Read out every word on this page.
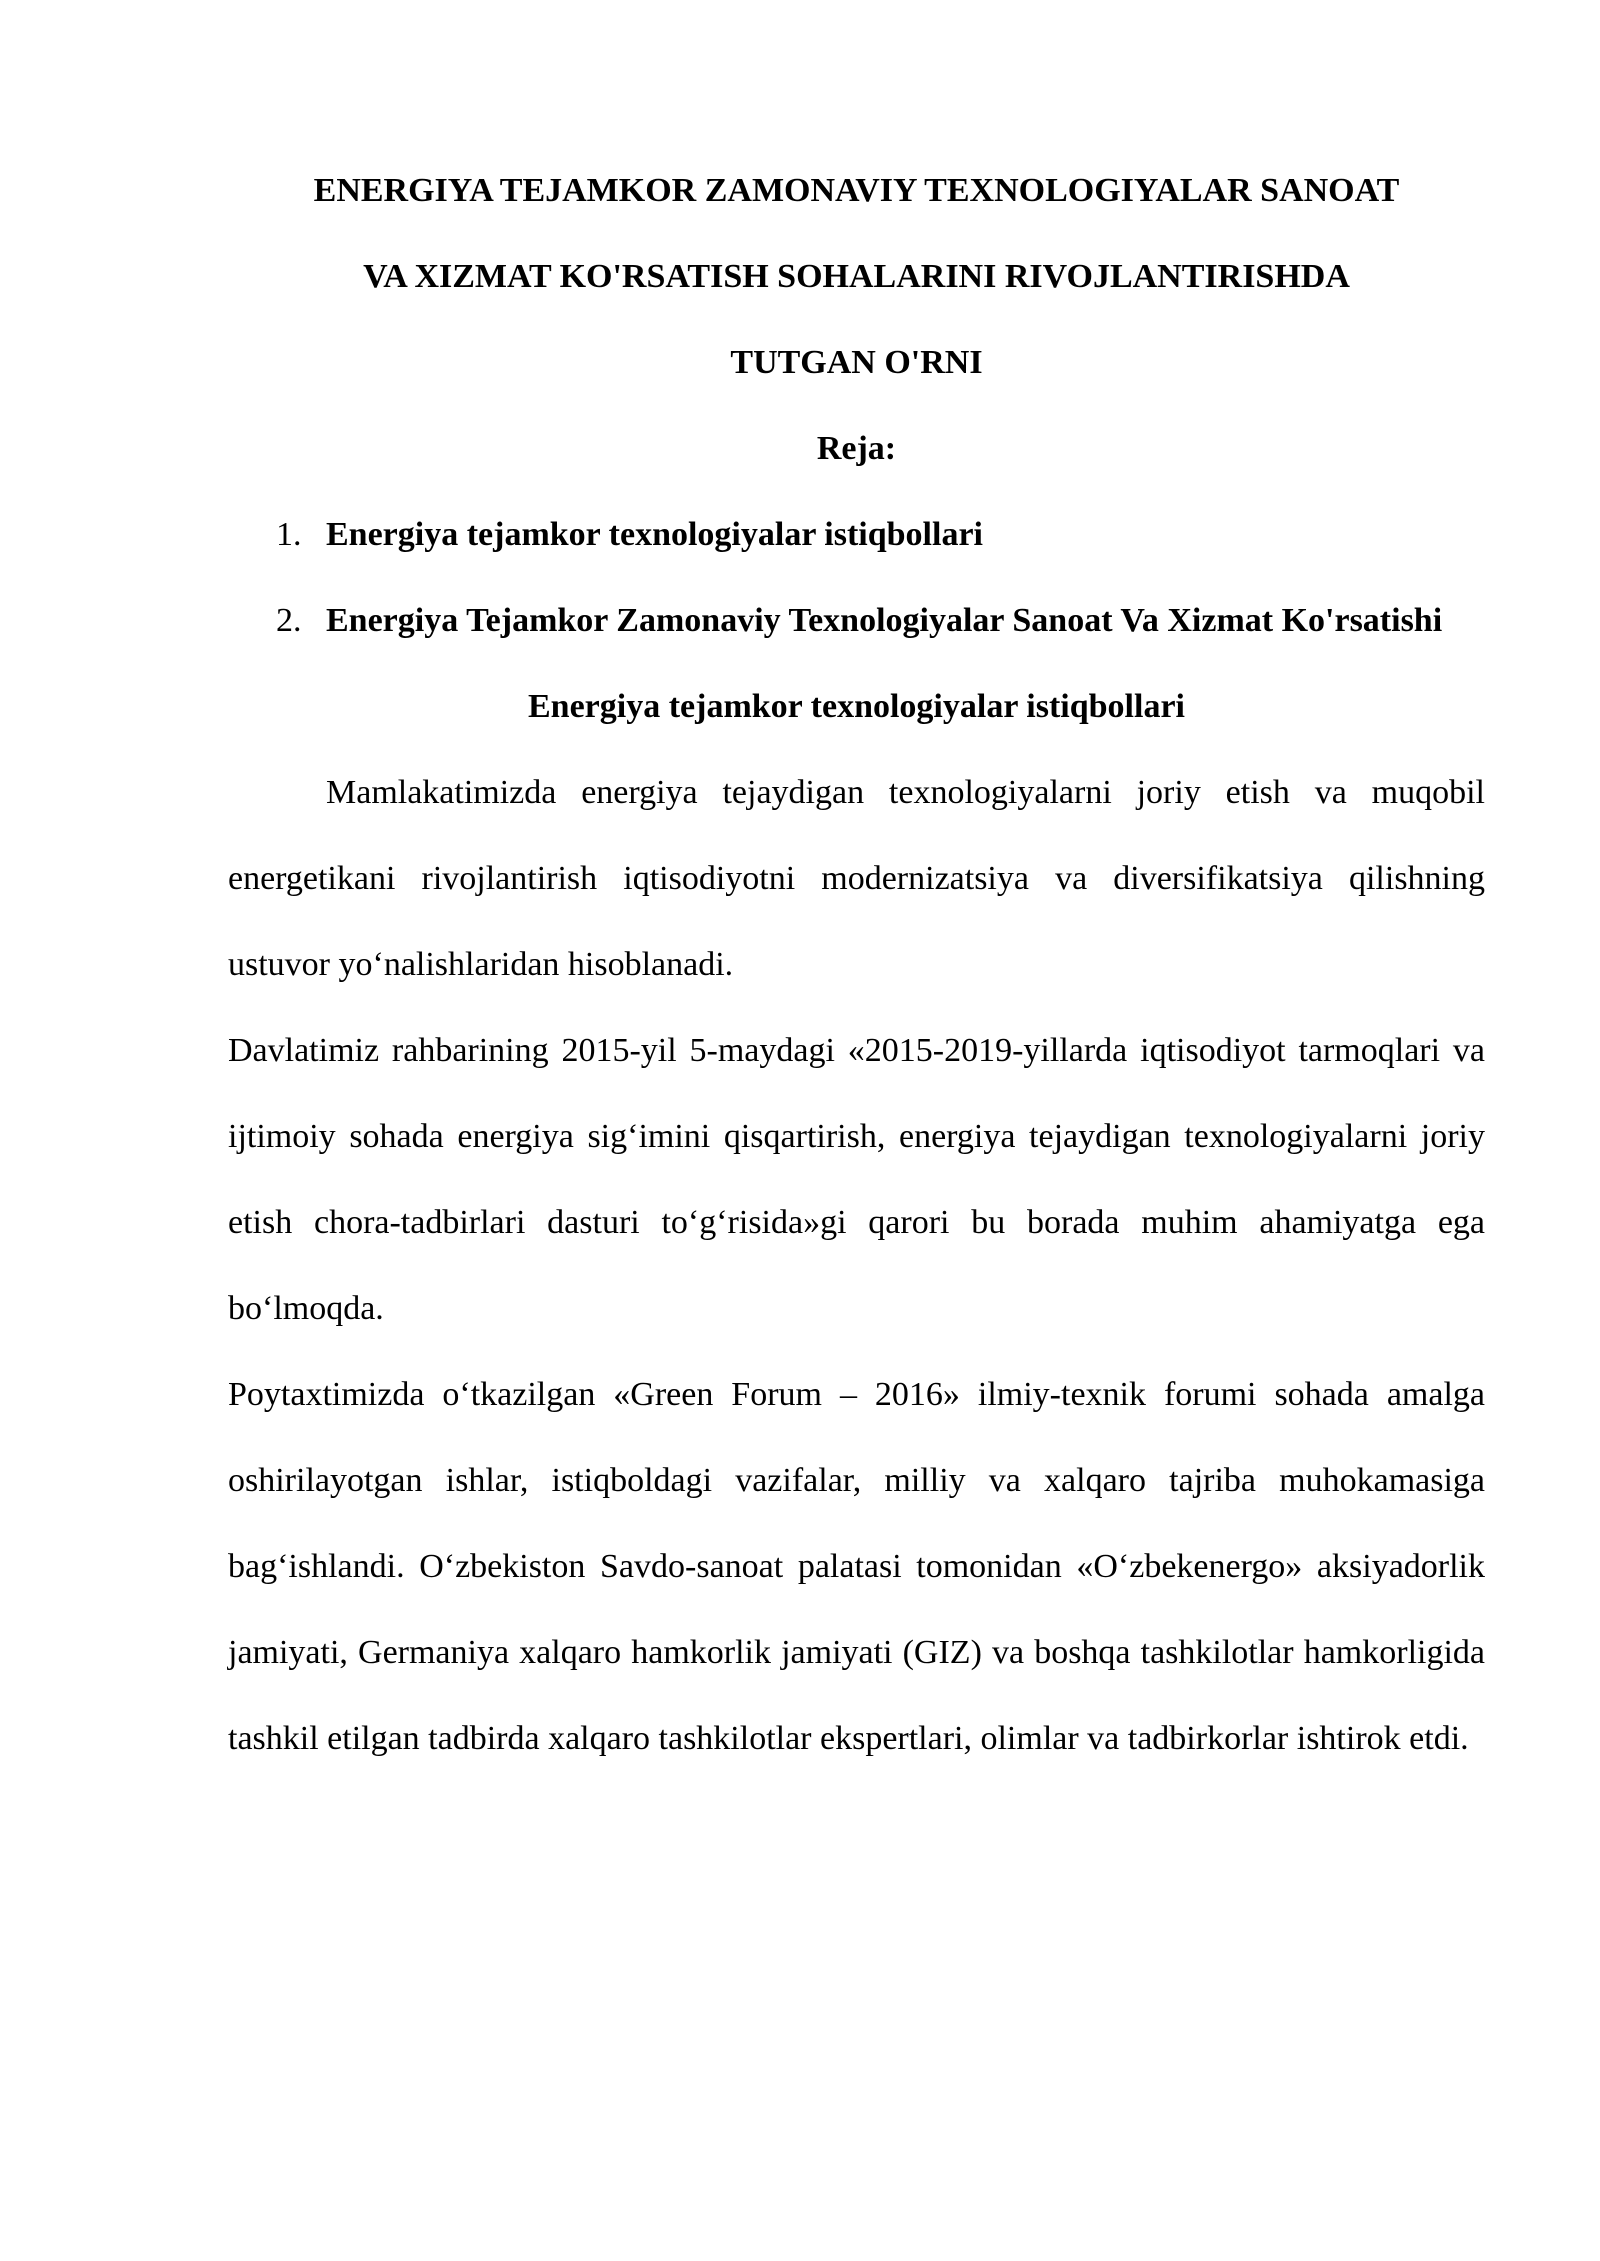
ENERGIYA TEJAMKOR ZAMONAVIY TEXNOLOGIYALAR SANOAT
VA XIZMAT KO'RSATISH SOHALARINI RIVOJLANTIRISHDA
TUTGAN O'RNI

Reja:

1. Energiya tejamkor texnologiyalar istiqbollari
2. Energiya Tejamkor Zamonaviy Texnologiyalar Sanoat Va Xizmat Ko'rsatishi
Energiya tejamkor texnologiyalar istiqbollari

Mamlakatimizda energiya tejaydigan texnologiyalarni joriy etish va muqobil energetikani rivojlantirish iqtisodiyotni modernizatsiya va diversifikatsiya qilishning ustuvor yo‘nalishlaridan hisoblanadi.

Davlatimiz rahbarining 2015-yil 5-maydagi «2015-2019-yillarda iqtisodiyot tarmoqlari va ijtimoiy sohada energiya sig‘imini qisqartirish, energiya tejaydigan texnologiyalarni joriy etish chora-tadbirlari dasturi to‘g‘risida»gi qarori bu borada muhim ahamiyatga ega bo‘lmoqda.

Poytaxtimizda o‘tkazilgan «Green Forum – 2016» ilmiy-texnik forumi sohada amalga oshirilayotgan ishlar, istiqboldagi vazifalar, milliy va xalqaro tajriba muhokamasiga bag‘ishlandi. O‘zbekiston Savdo-sanoat palatasi tomonidan «O‘zbekenergo» aksiyadorlik jamiyati, Germaniya xalqaro hamkorlik jamiyati (GIZ) va boshqa tashkilotlar hamkorligida tashkil etilgan tadbirda xalqaro tashkilotlar ekspertlari, olimlar va tadbirkorlar ishtirok etdi.
